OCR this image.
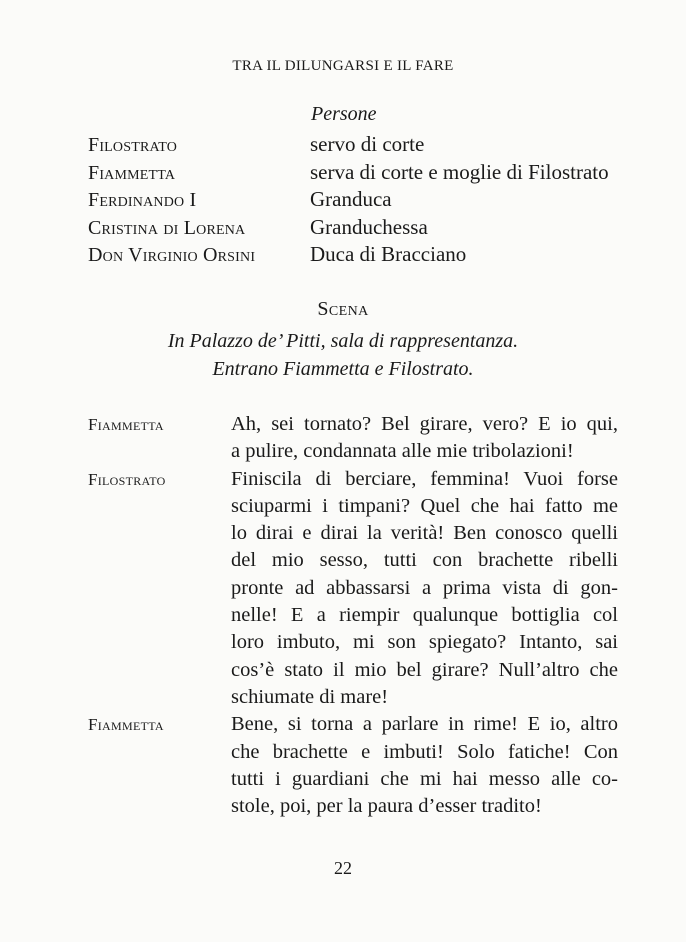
TRA IL DILUNGARSI E IL FARE
Persone
Filostrato	servo di corte
Fiammetta	serva di corte e moglie di Filostrato
Ferdinando I	Granduca
Cristina di Lorena	Granduchessa
Don Virginio Orsini	Duca di Bracciano
Scena
In Palazzo de’ Pitti, sala di rappresentanza.
Entrano Fiammetta e Filostrato.
Fiammetta	Ah, sei tornato? Bel girare, vero? E io qui,
a pulire, condannata alle mie tribolazioni!
Filostrato	Finiscila di berciare, femmina! Vuoi forse
sciuparmi i timpani? Quel che hai fatto me
lo dirai e dirai la verità! Ben conosco quelli
del mio sesso, tutti con brachette ribelli
pronte ad abbassarsi a prima vista di gon-
nelle! E a riempir qualunque bottiglia col
loro imbuto, mi son spiegato? Intanto, sai
cos’è stato il mio bel girare? Null’altro che
schiumate di mare!
Fiammetta	Bene, si torna a parlare in rime! E io, altro
che brachette e imbuti! Solo fatiche! Con
tutti i guardiani che mi hai messo alle co-
stole, poi, per la paura d’esser tradito!
22
